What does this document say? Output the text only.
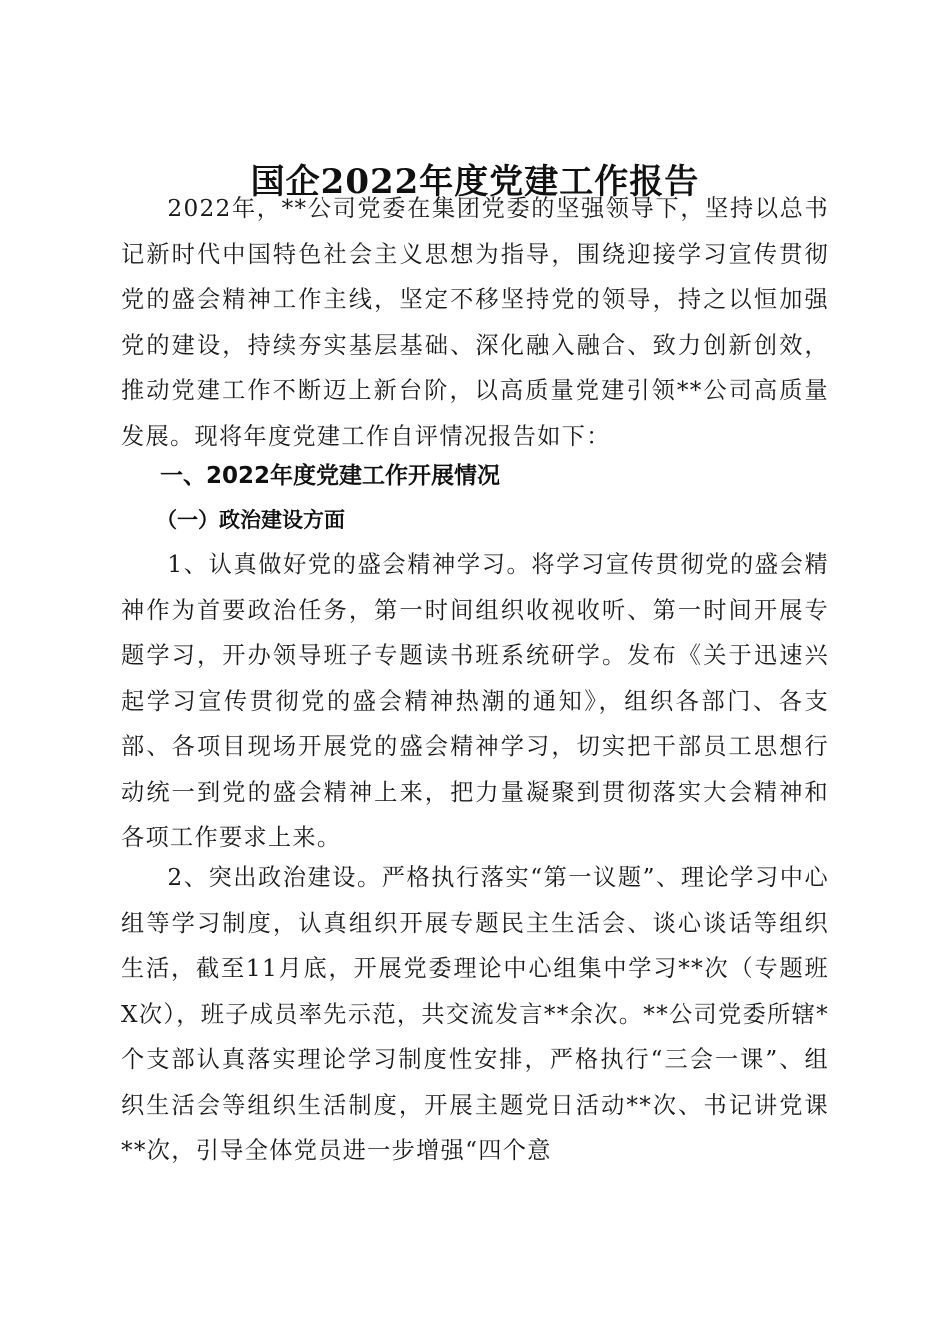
国企2022年度党建工作报告

2022年，**公司党委在集团党委的坚强领导下，坚持以总书记新时代中国特色社会主义思想为指导，围绕迎接学习宣传贯彻党的盛会精神工作主线，坚定不移坚持党的领导，持之以恒加强党的建设，持续夯实基层基础、深化融入融合、致力创新创效，推动党建工作不断迈上新台阶，以高质量党建引领**公司高质量发展。现将年度党建工作自评情况报告如下：

一、2022年度党建工作开展情况
（一）政治建设方面

1、认真做好党的盛会精神学习。将学习宣传贯彻党的盛会精神作为首要政治任务，第一时间组织收视收听、第一时间开展专题学习，开办领导班子专题读书班系统研学。发布《关于迅速兴起学习宣传贯彻党的盛会精神热潮的通知》，组织各部门、各支部、各项目现场开展党的盛会精神学习，切实把干部员工思想行动统一到党的盛会精神上来，把力量凝聚到贯彻落实大会精神和各项工作要求上来。

2、突出政治建设。严格执行落实“第一议题”、理论学习中心组等学习制度，认真组织开展专题民主生活会、谈心谈话等组织生活，截至11月底，开展党委理论中心组集中学习**次（专题班X次），班子成员率先示范，共交流发言**余次。**公司党委所辖*个支部认真落实理论学习制度性安排，严格执行“三会一课”、组织生活会等组织生活制度，开展主题党日活动**次、书记讲党课**次，引导全体党员进一步增强“四个意
